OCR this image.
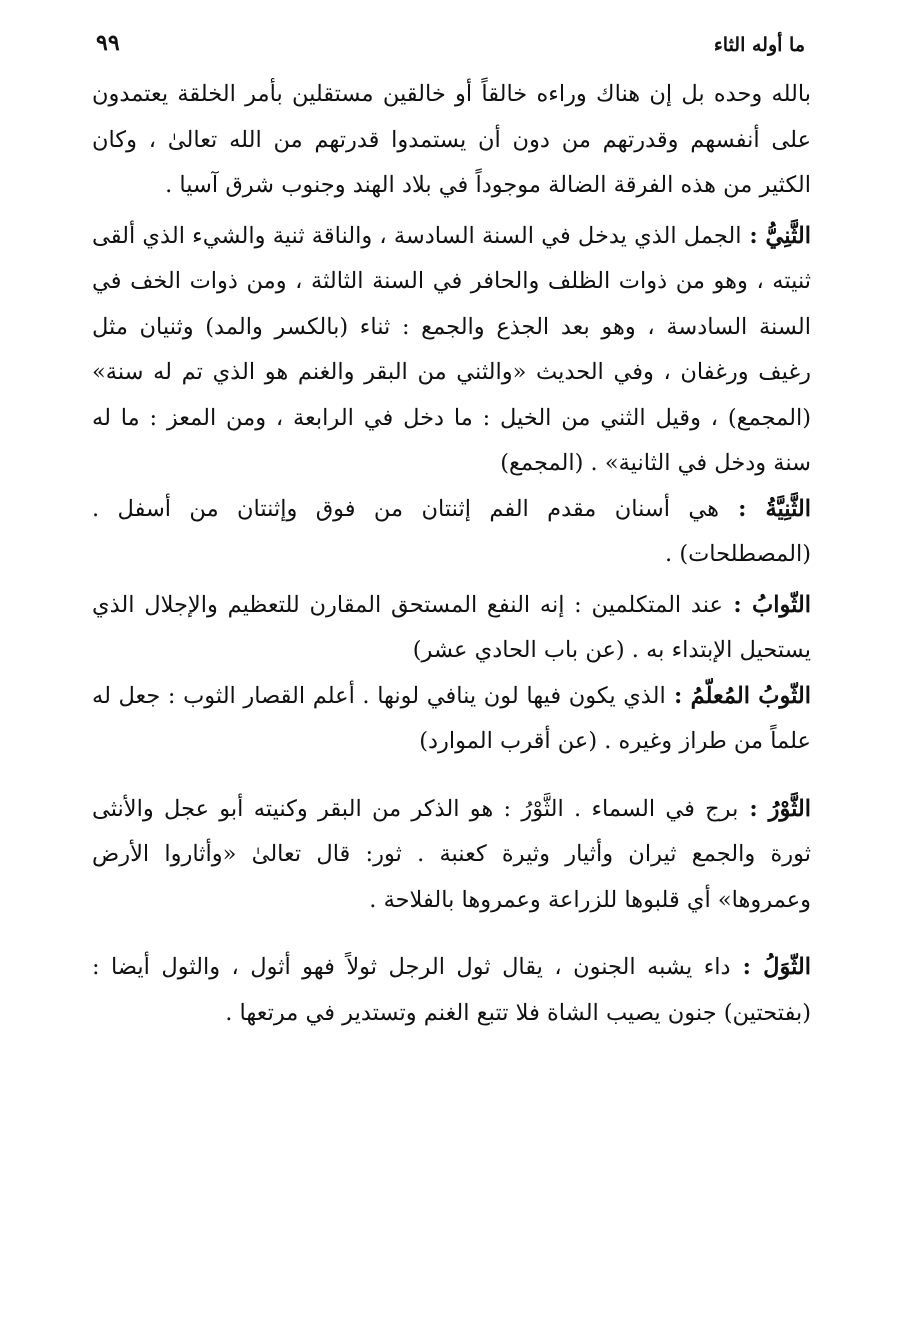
ما أوله الثاء
٩٩

بالله وحده بل إن هناك وراءه خالقاً أو خالقين مستقلين بأمر الخلقة يعتمدون على أنفسهم وقدرتهم من دون أن يستمدوا قدرتهم من الله تعالىٰ ، وكان الكثير من هذه الفرقة الضالة موجوداً في بلاد الهند وجنوب شرق آسيا .

الثَّنِيُّ : الجمل الذي يدخل في السنة السادسة ، والناقة ثنية والشيء الذي ألقى ثنيته ، وهو من ذوات الظلف والحافر في السنة الثالثة ، ومن ذوات الخف في السنة السادسة ، وهو بعد الجذع والجمع : ثناء (بالكسر والمد) وثنيان مثل رغيف ورغفان ، وفي الحديث «والثني من البقر والغنم هو الذي تم له سنة» (المجمع) ، وقيل الثني من الخيل : ما دخل في الرابعة ، ومن المعز : ما له سنة ودخل في الثانية» . (المجمع)

الثَّنِيَّةُ : هي أسنان مقدم الفم إثنتان من فوق وإثنتان من أسفل . (المصطلحات) .

الثّوابُ : عند المتكلمين : إنه النفع المستحق المقارن للتعظيم والإجلال الذي يستحيل الإبتداء به . (عن باب الحادي عشر)

الثّوبُ المُعلّمُ : الذي يكون فيها لون ينافي لونها . أعلم القصار الثوب : جعل له علماً من طراز وغيره . (عن أقرب الموارد)

الثَّوْرُ : برج في السماء . الثَّوْرُ : هو الذكر من البقر وكنيته أبو عجل والأنثى ثورة والجمع ثيران وأثيار وثيرة كعنبة . ثور: قال تعالىٰ «وأثاروا الأرض وعمروها» أي قلبوها للزراعة وعمروها بالفلاحة .

الثّوَلُ : داء يشبه الجنون ، يقال ثول الرجل ثولاً فهو أثول ، والثول أيضا : (بفتحتين) جنون يصيب الشاة فلا تتبع الغنم وتستدير في مرتعها .
